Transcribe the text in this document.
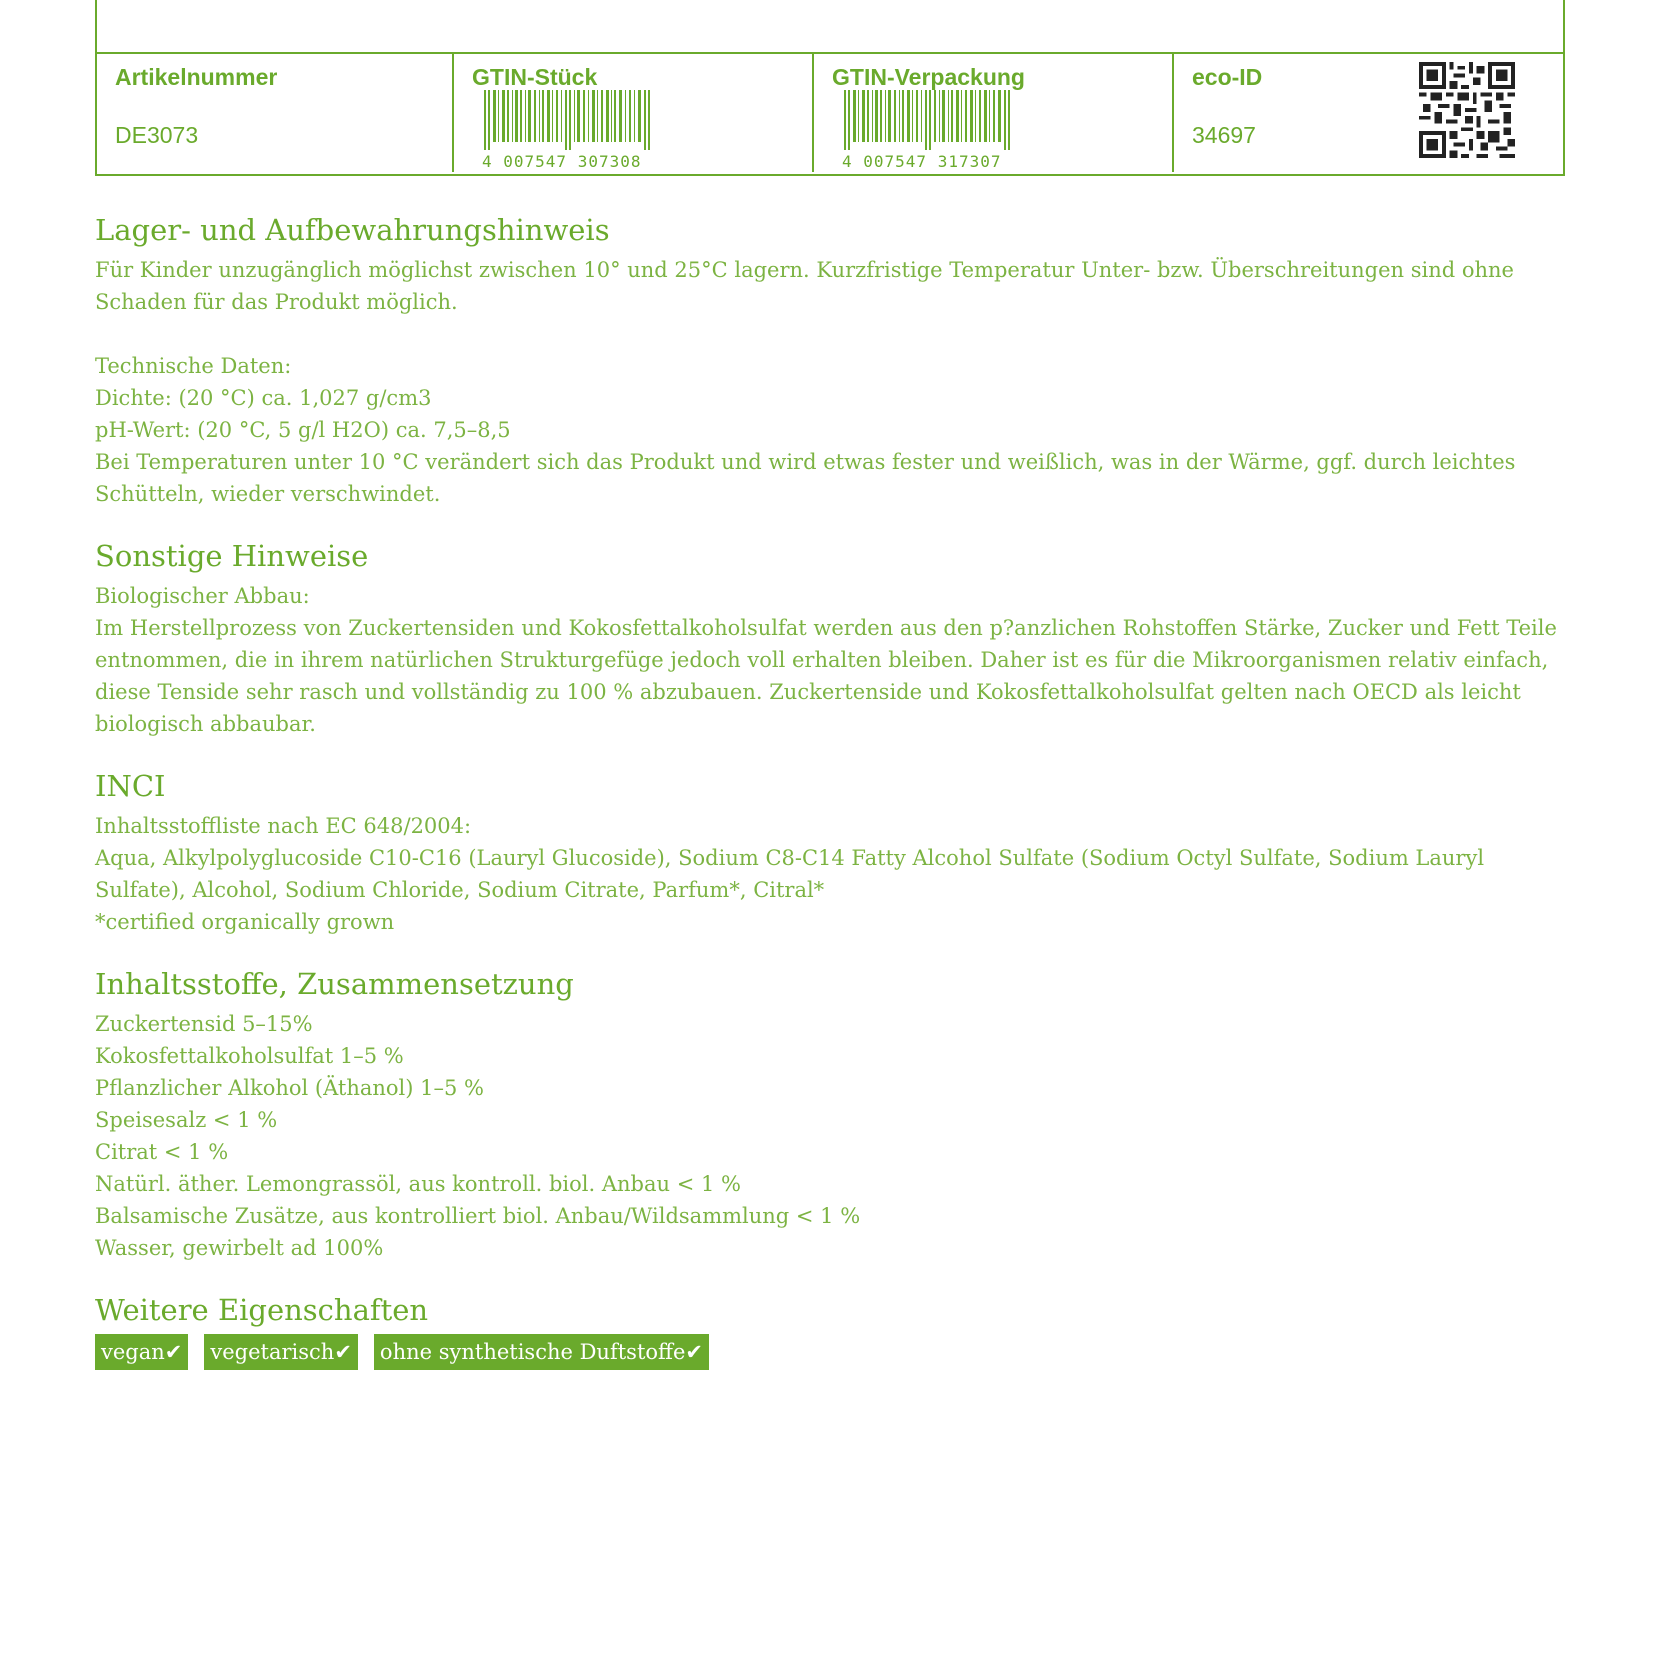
Artikelnummer
DE3073
GTIN-Stück
4 007547 307308
GTIN-Verpackung
4 007547 317307
eco-ID
34697
Lager- und Aufbewahrungshinweis

Für Kinder unzugänglich möglichst zwischen 10° und 25°C lagern. Kurzfristige Temperatur Unter- bzw. Überschreitungen sind ohne Schaden für das Produkt möglich.

Technische Daten:

Dichte: (20 °C) ca. 1,027 g/cm3

pH-Wert: (20 °C, 5 g/l H2O) ca. 7,5–8,5

Bei Temperaturen unter 10 °C verändert sich das Produkt und wird etwas fester und weißlich, was in der Wärme, ggf. durch leichtes Schütteln, wieder verschwindet.

Sonstige Hinweise

Biologischer Abbau:

Im Herstellprozess von Zuckertensiden und Kokosfettalkoholsulfat werden aus den p?anzlichen Rohstoffen Stärke, Zucker und Fett Teile entnommen, die in ihrem natürlichen Strukturgefüge jedoch voll erhalten bleiben. Daher ist es für die Mikroorganismen relativ einfach, diese Tenside sehr rasch und vollständig zu 100 % abzubauen. Zuckertenside und Kokosfettalkoholsulfat gelten nach OECD als leicht biologisch abbaubar.

INCI

Inhaltsstoffliste nach EC 648/2004:

Aqua, Alkylpolyglucoside C10-C16 (Lauryl Glucoside), Sodium C8-C14 Fatty Alcohol Sulfate (Sodium Octyl Sulfate, Sodium Lauryl Sulfate), Alcohol, Sodium Chloride, Sodium Citrate, Parfum*, Citral*

*certified organically grown

Inhaltsstoffe, Zusammensetzung

Zuckertensid 5–15%

Kokosfettalkoholsulfat 1–5 %

Pflanzlicher Alkohol (Äthanol) 1–5 %

Speisesalz < 1 %

Citrat < 1 %

Natürl. äther. Lemongrassöl, aus kontroll. biol. Anbau < 1 %

Balsamische Zusätze, aus kontrolliert biol. Anbau/Wildsammlung < 1 %

Wasser, gewirbelt ad 100%

Weitere Eigenschaften
vegan✔ vegetarisch✔ ohne synthetische Duftstoffe✔
